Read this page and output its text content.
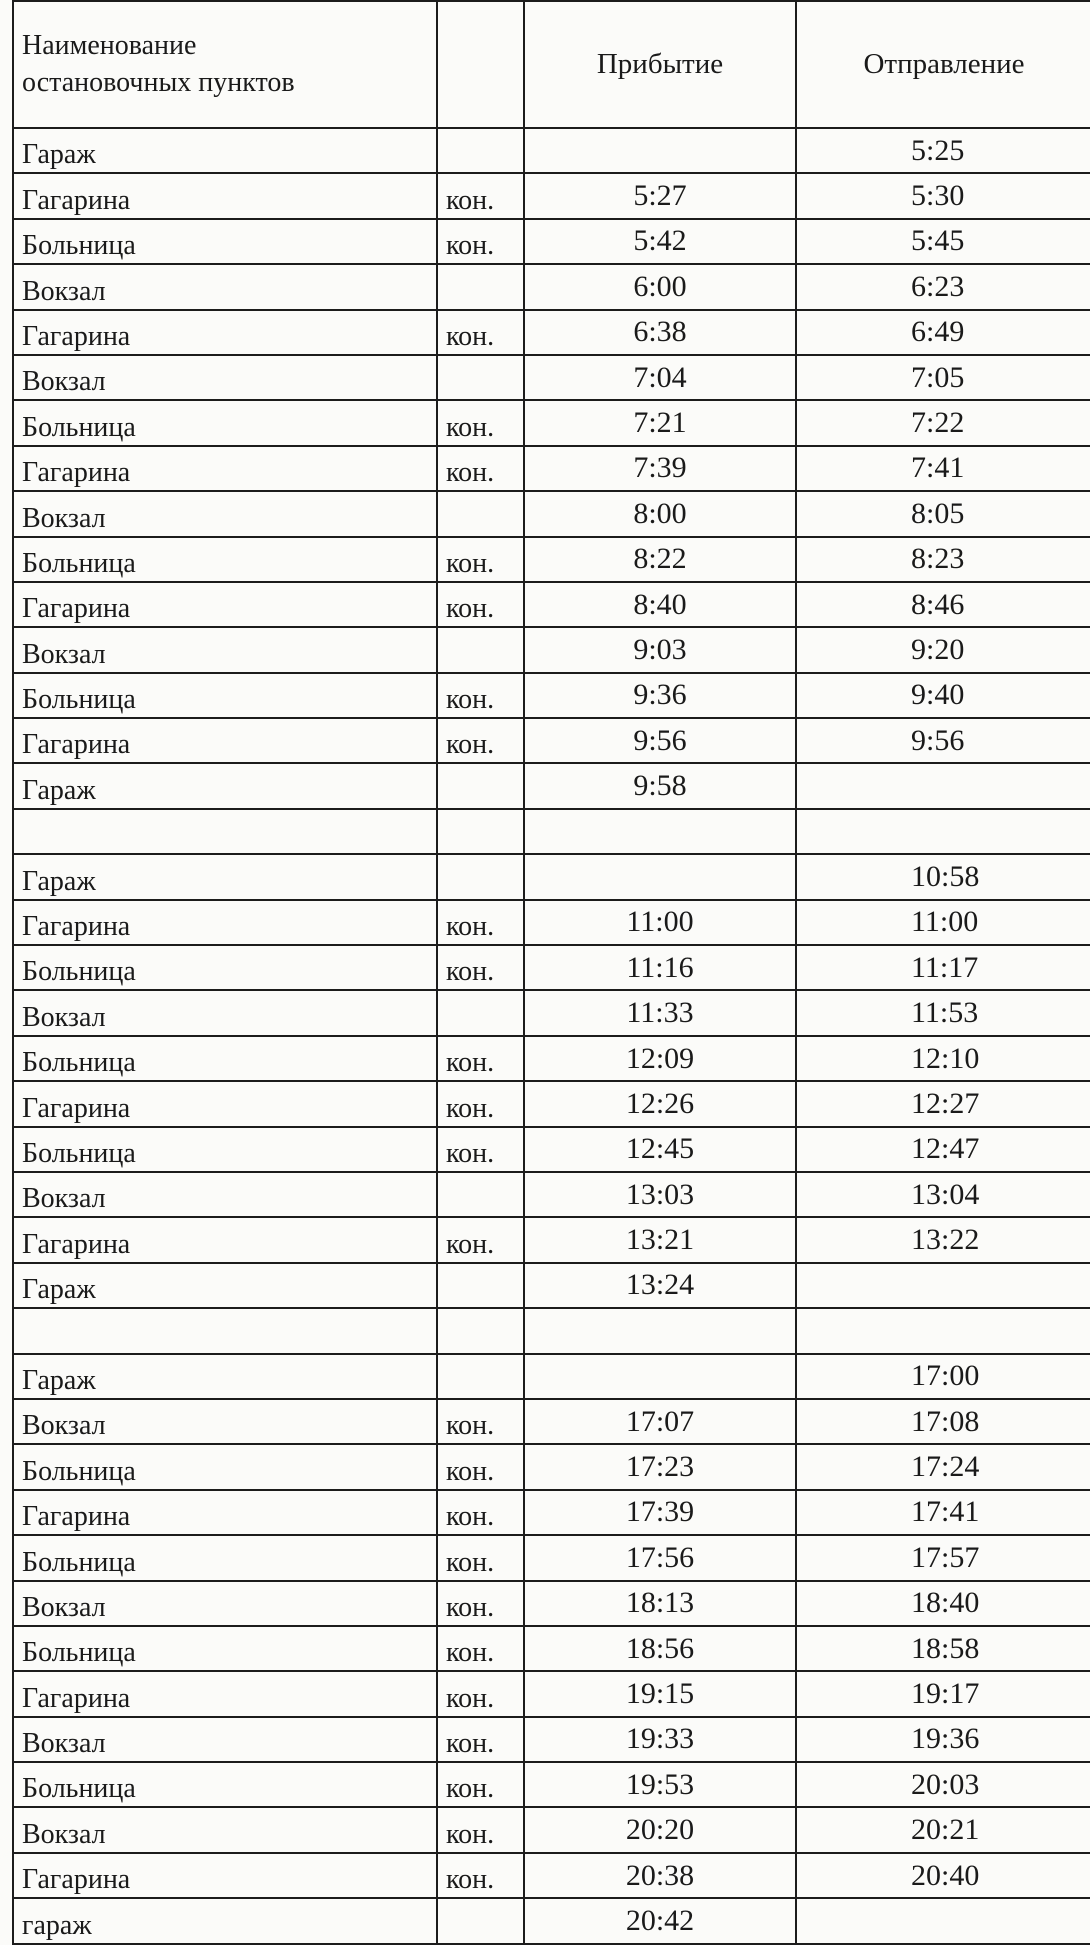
Наименование
остановочных пунктов		Прибытие	Отправление
Гараж			5:25
Гагарина	кон.	5:27	5:30
Больница	кон.	5:42	5:45
Вокзал		6:00	6:23
Гагарина	кон.	6:38	6:49
Вокзал		7:04	7:05
Больница	кон.	7:21	7:22
Гагарина	кон.	7:39	7:41
Вокзал		8:00	8:05
Больница	кон.	8:22	8:23
Гагарина	кон.	8:40	8:46
Вокзал		9:03	9:20
Больница	кон.	9:36	9:40
Гагарина	кон.	9:56	9:56
Гараж		9:58	

Гараж			10:58
Гагарина	кон.	11:00	11:00
Больница	кон.	11:16	11:17
Вокзал		11:33	11:53
Больница	кон.	12:09	12:10
Гагарина	кон.	12:26	12:27
Больница	кон.	12:45	12:47
Вокзал		13:03	13:04
Гагарина	кон.	13:21	13:22
Гараж		13:24	

Гараж			17:00
Вокзал	кон.	17:07	17:08
Больница	кон.	17:23	17:24
Гагарина	кон.	17:39	17:41
Больница	кон.	17:56	17:57
Вокзал	кон.	18:13	18:40
Больница	кон.	18:56	18:58
Гагарина	кон.	19:15	19:17
Вокзал	кон.	19:33	19:36
Больница	кон.	19:53	20:03
Вокзал	кон.	20:20	20:21
Гагарина	кон.	20:38	20:40
гараж		20:42	
